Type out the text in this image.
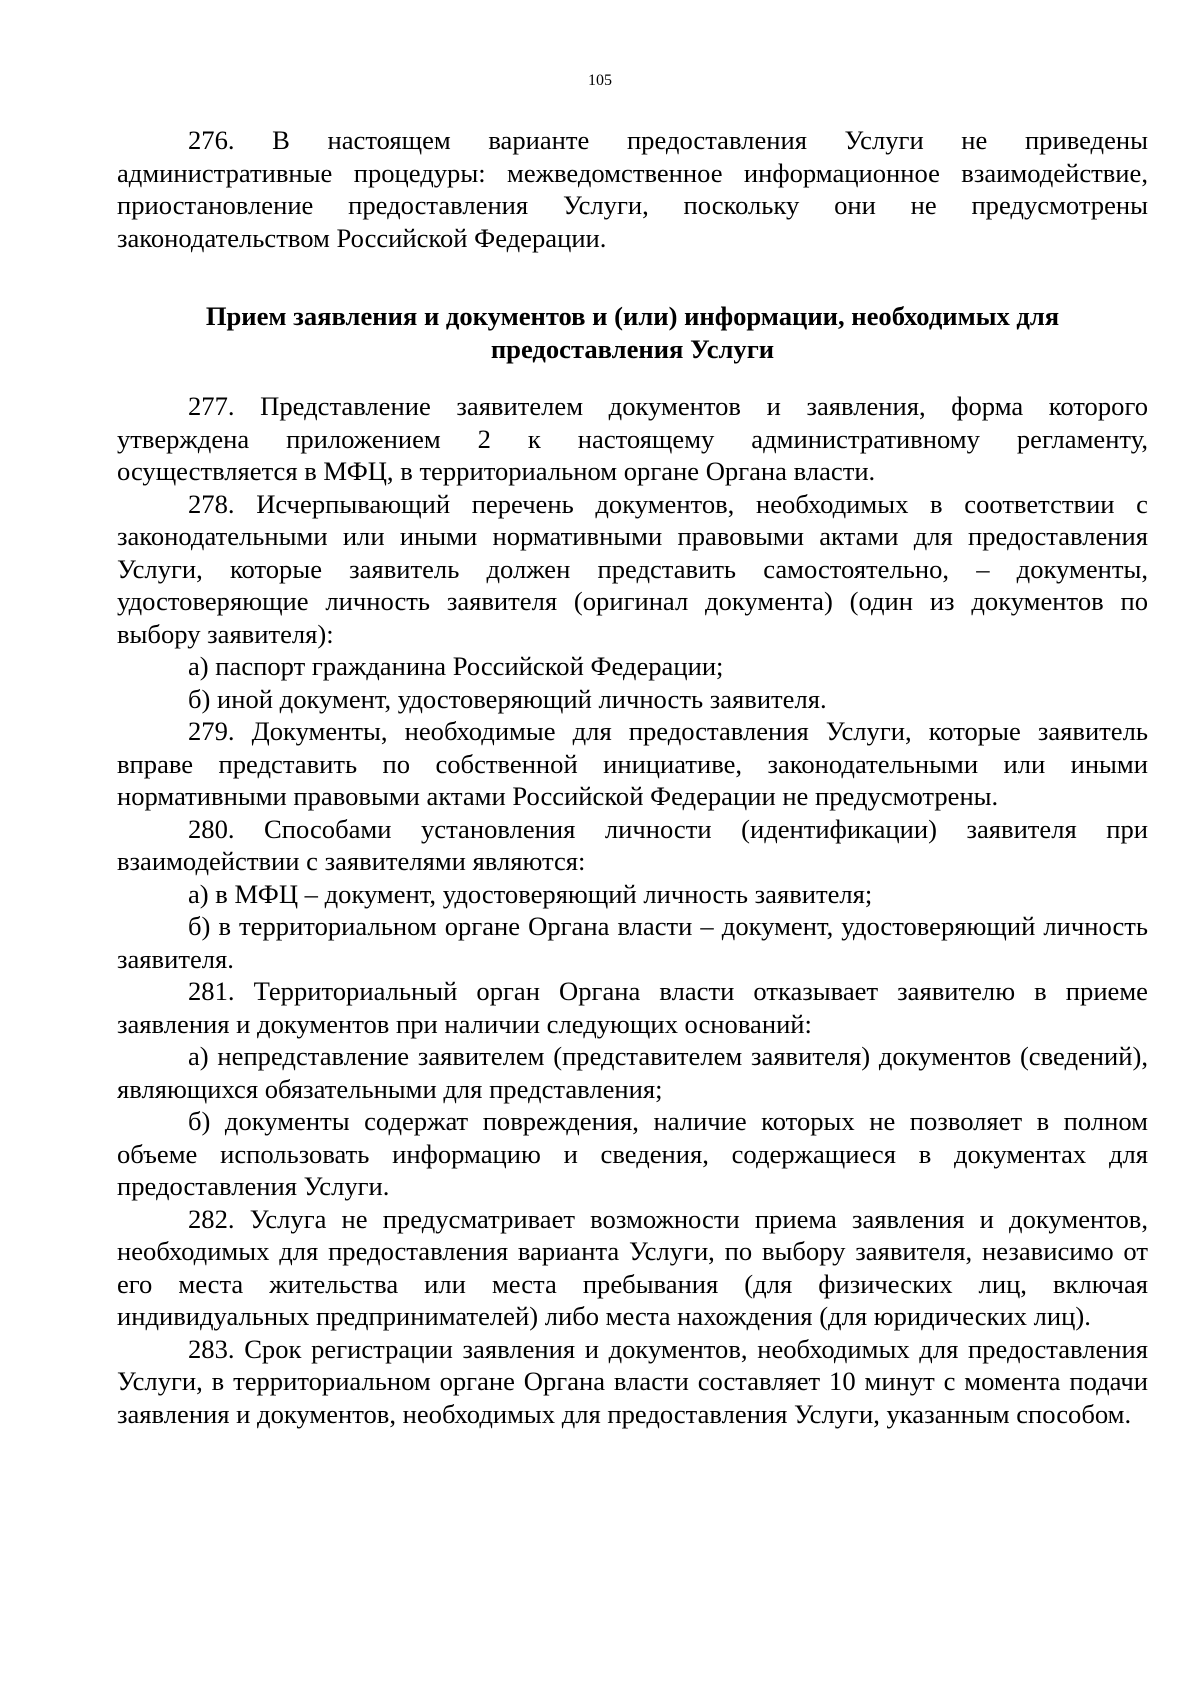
105

276. В настоящем варианте предоставления Услуги не приведены административные процедуры: межведомственное информационное взаимодействие, приостановление предоставления Услуги, поскольку они не предусмотрены законодательством Российской Федерации.

Прием заявления и документов и (или) информации, необходимых для предоставления Услуги

277. Представление заявителем документов и заявления, форма которого утверждена приложением 2 к настоящему административному регламенту, осуществляется в МФЦ, в территориальном органе Органа власти.

278. Исчерпывающий перечень документов, необходимых в соответствии с законодательными или иными нормативными правовыми актами для предоставления Услуги, которые заявитель должен представить самостоятельно, – документы, удостоверяющие личность заявителя (оригинал документа) (один из документов по выбору заявителя):

а) паспорт гражданина Российской Федерации;

б) иной документ, удостоверяющий личность заявителя.

279. Документы, необходимые для предоставления Услуги, которые заявитель вправе представить по собственной инициативе, законодательными или иными нормативными правовыми актами Российской Федерации не предусмотрены.

280. Способами установления личности (идентификации) заявителя при взаимодействии с заявителями являются:

а) в МФЦ – документ, удостоверяющий личность заявителя;

б) в территориальном органе Органа власти – документ, удостоверяющий личность заявителя.

281. Территориальный орган Органа власти отказывает заявителю в приеме заявления и документов при наличии следующих оснований:

а) непредставление заявителем (представителем заявителя) документов (сведений), являющихся обязательными для представления;

б) документы содержат повреждения, наличие которых не позволяет в полном объеме использовать информацию и сведения, содержащиеся в документах для предоставления Услуги.

282. Услуга не предусматривает возможности приема заявления и документов, необходимых для предоставления варианта Услуги, по выбору заявителя, независимо от его места жительства или места пребывания (для физических лиц, включая индивидуальных предпринимателей) либо места нахождения (для юридических лиц).

283. Срок регистрации заявления и документов, необходимых для предоставления Услуги, в территориальном органе Органа власти составляет 10 минут с момента подачи заявления и документов, необходимых для предоставления Услуги, указанным способом.
